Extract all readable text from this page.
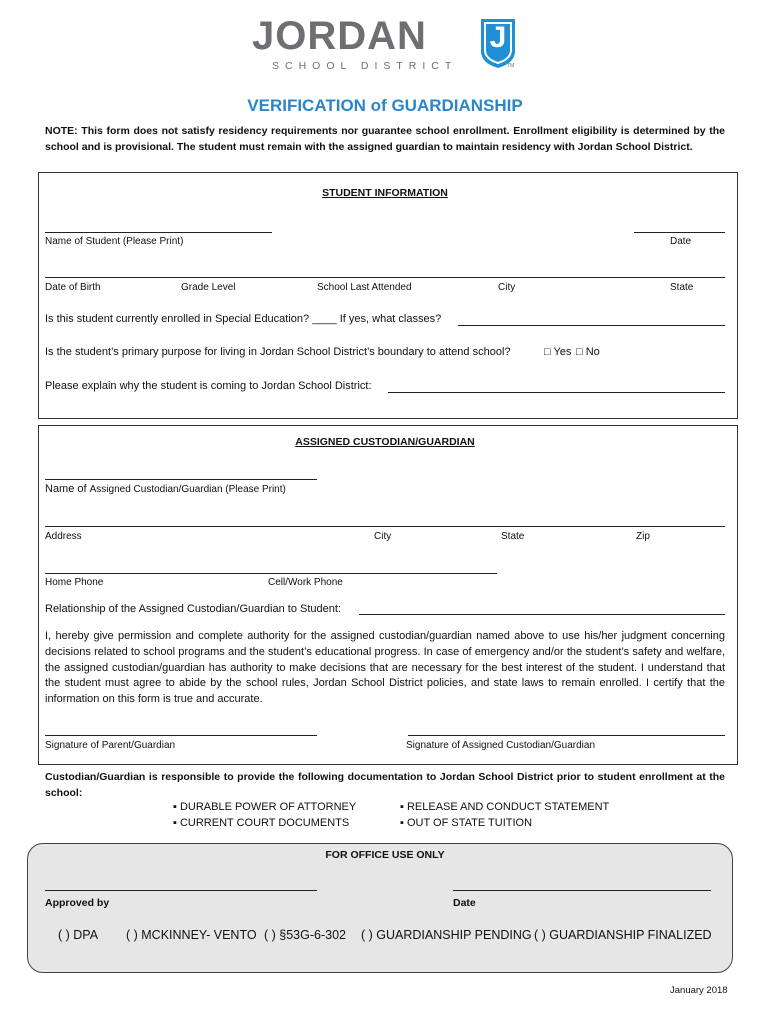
JORDAN
SCHOOL DISTRICT
J
TM
VERIFICATION of GUARDIANSHIP
NOTE: This form does not satisfy residency requirements nor guarantee school enrollment. Enrollment eligibility is determined by the school and is provisional. The student must remain with the assigned guardian to maintain residency with Jordan School District.
STUDENT INFORMATION
Name of Student (Please Print)	Date
Date of Birth	Grade Level	School Last Attended	City	State
Is this student currently enrolled in Special Education? ____ If yes, what classes?
Is the student’s primary purpose for living in Jordan School District’s boundary to attend school?	□ Yes □ No
Please explain why the student is coming to Jordan School District:
ASSIGNED CUSTODIAN/GUARDIAN
Name of Assigned Custodian/Guardian (Please Print)
Address	City	State	Zip
Home Phone	Cell/Work Phone
Relationship of the Assigned Custodian/Guardian to Student:
I, hereby give permission and complete authority for the assigned custodian/guardian named above to use his/her judgment concerning decisions related to school programs and the student’s educational progress. In case of emergency and/or the student’s safety and welfare, the assigned custodian/guardian has authority to make decisions that are necessary for the best interest of the student. I understand that the student must agree to abide by the school rules, Jordan School District policies, and state laws to remain enrolled. I certify that the information on this form is true and accurate.
Signature of Parent/Guardian	Signature of Assigned Custodian/Guardian
Custodian/Guardian is responsible to provide the following documentation to Jordan School District prior to student enrollment at the school:
▪ DURABLE POWER OF ATTORNEY	▪ RELEASE AND CONDUCT STATEMENT
▪ CURRENT COURT DOCUMENTS	▪ OUT OF STATE TUITION
FOR OFFICE USE ONLY
Approved by	Date
( ) DPA ( ) MCKINNEY- VENTO ( ) §53G-6-302 ( ) GUARDIANSHIP PENDING ( ) GUARDIANSHIP FINALIZED
January 2018
